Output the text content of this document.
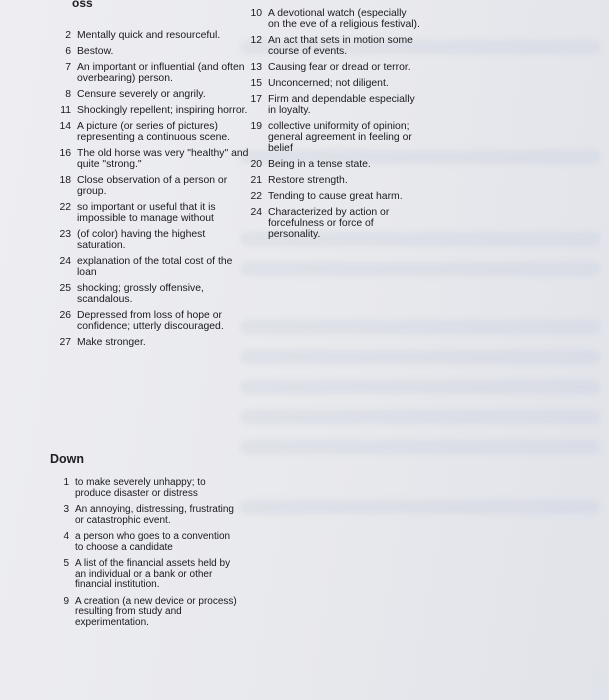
oss
2 Mentally quick and resourceful.
6 Bestow.
7 An important or influential (and often overbearing) person.
8 Censure severely or angrily.
11 Shockingly repellent; inspiring horror.
14 A picture (or series of pictures) representing a continuous scene.
16 The old horse was very "healthy" and quite "strong."
18 Close observation of a person or group.
22 so important or useful that it is impossible to manage without
23 (of color) having the highest saturation.
24 explanation of the total cost of the loan
25 shocking; grossly offensive, scandalous.
26 Depressed from loss of hope or confidence; utterly discouraged.
27 Make stronger.
10 A devotional watch (especially on the eve of a religious festival).
12 An act that sets in motion some course of events.
13 Causing fear or dread or terror.
15 Unconcerned; not diligent.
17 Firm and dependable especially in loyalty.
19 collective uniformity of opinion; general agreement in feeling or belief
20 Being in a tense state.
21 Restore strength.
22 Tending to cause great harm.
24 Characterized by action or forcefulness or force of personality.
Down
1 to make severely unhappy; to produce disaster or distress
3 An annoying, distressing, frustrating or catastrophic event.
4 a person who goes to a convention to choose a candidate
5 A list of the financial assets held by an individual or a bank or other financial institution.
9 A creation (a new device or process) resulting from study and experimentation.
